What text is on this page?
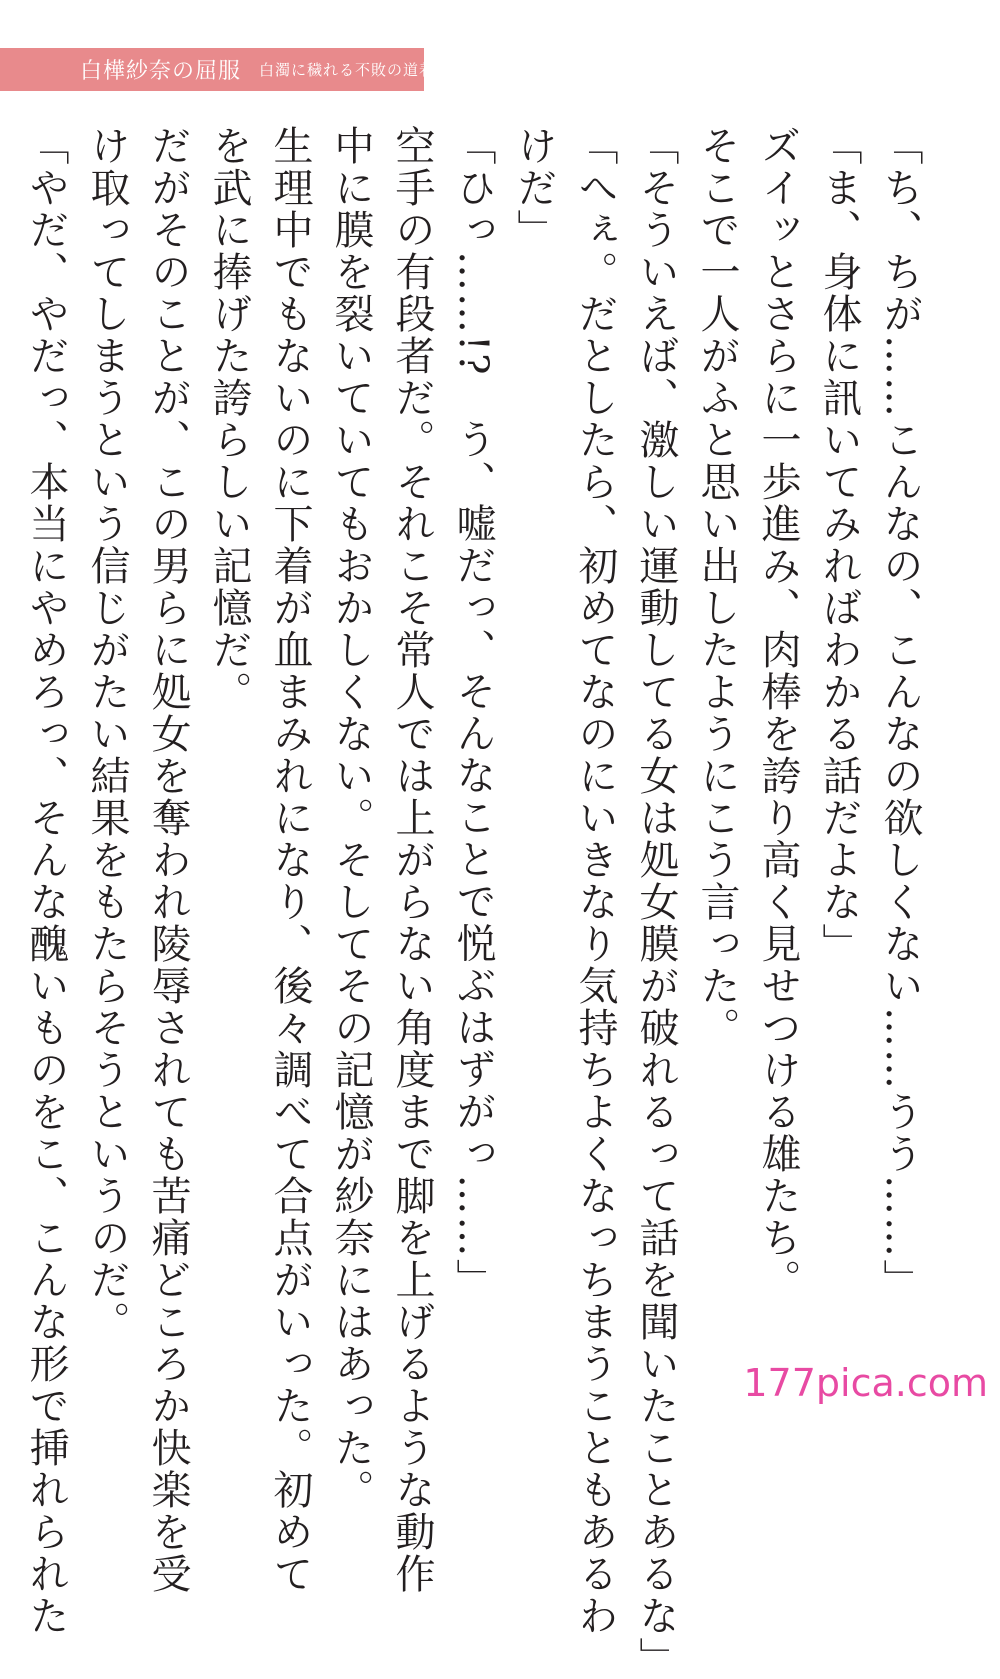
白樺紗奈の屈服 白濁に穢れる不敗の道着

「ち、ちが……こんなの、こんなの欲しくない……うう……」

「ま、身体に訊いてみればわかる話だよな」

ズイッとさらに一歩進み、肉棒を誇り高く見せつける雄たち。

そこで一人がふと思い出したようにこう言った。

「そういえば、激しい運動してる女は処女膜が破れるって話を聞いたことあるな」

「へぇ。だとしたら、初めてなのにいきなり気持ちよくなっちまうこともあるわ

けだ」

「ひっ……!?　う、嘘だっ、そんなことで悦ぶはずがっ……」

空手の有段者だ。それこそ常人では上がらない角度まで脚を上げるような動作

中に膜を裂いていてもおかしくない。そしてその記憶が紗奈にはあった。

生理中でもないのに下着が血まみれになり、後々調べて合点がいった。初めて

を武に捧げた誇らしい記憶だ。

だがそのことが、この男らに処女を奪われ陵辱されても苦痛どころか快楽を受

け取ってしまうという信じがたい結果をもたらそうというのだ。

「やだ、やだっ、本当にやめろっ、そんな醜いものをこ、こんな形で挿れられた	177pica.com
